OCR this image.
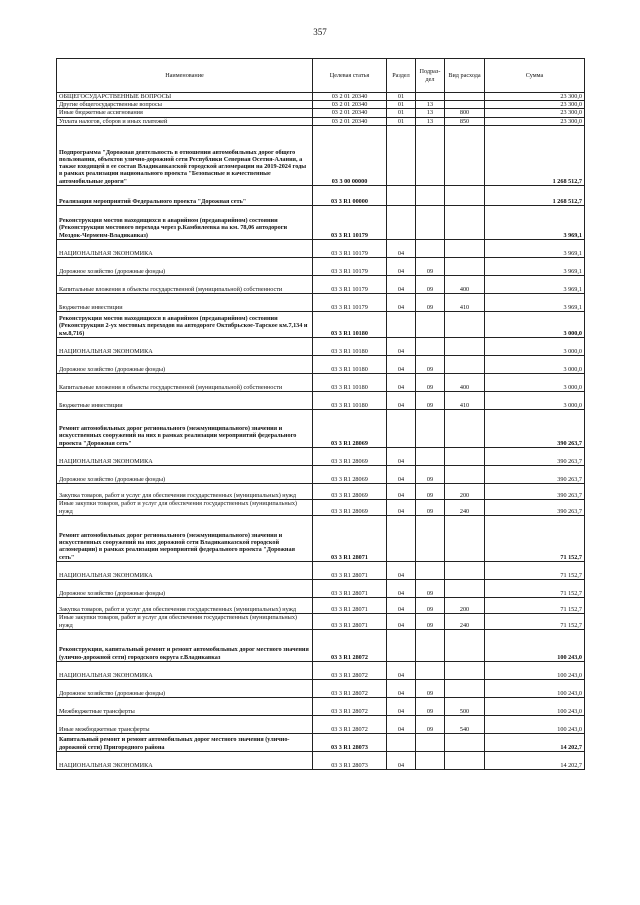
357
Наименование	Целевая статья	Раздел	Подраз-дел	Вид расхода	Сумма
ОБЩЕГОСУДАРСТВЕННЫЕ ВОПРОСЫ	03 2 01 20340	01			23 300,0
Другие общегосударственные вопросы	03 2 01 20340	01	13		23 300,0
Иные бюджетные ассигнования	03 2 01 20340	01	13	800	23 300,0
Уплата налогов, сборов и иных платежей	03 2 01 20340	01	13	850	23 300,0
Подпрограмма "Дорожная деятельность в отношении автомобильных дорог общего пользования, объектов улично-дорожной сети Республики Северная Осетия-Алания, а также входящей в ее состав Владикавказской городской агломерации на 2019-2024 годы в рамках реализации национального проекта "Безопасные и качественные автомобильные дороги"	03 3 00 00000				1 268 512,7
Реализация мероприятий Федерального проекта "Дорожная сеть"	03 3 R1 00000				1 268 512,7
Реконструкция мостов находящихся в аварийном (предаварийном) состоянии (Реконструкция мостового перехода через р.Камбилеевка на км. 78,06 автодороги Моздок-Черменм-Владикавказ)	03 3 R1 10179				3 969,1
НАЦИОНАЛЬНАЯ ЭКОНОМИКА	03 3 R1 10179	04			3 969,1
Дорожное хозяйство (дорожные фонды)	03 3 R1 10179	04	09		3 969,1
Капитальные вложения в объекты государственной (муниципальной) собственности	03 3 R1 10179	04	09	400	3 969,1
Бюджетные инвестиции	03 3 R1 10179	04	09	410	3 969,1
Реконструкция мостов находящихся в аварийном (предаварийном) состоянии (Реконструкция 2-ух мостовых переходов на автодороге Октябрьское-Тарское км.7,134 и км.8,716)	03 3 R1 10180				3 000,0
НАЦИОНАЛЬНАЯ ЭКОНОМИКА	03 3 R1 10180	04			3 000,0
Дорожное хозяйство (дорожные фонды)	03 3 R1 10180	04	09		3 000,0
Капитальные вложения в объекты государственной (муниципальной) собственности	03 3 R1 10180	04	09	400	3 000,0
Бюджетные инвестиции	03 3 R1 10180	04	09	410	3 000,0
Ремонт автомобильных дорог регионального (межмуниципального) значения и искусственных сооружений на них в рамках реализации мероприятий федерального проекта "Дорожная сеть"	03 3 R1 28069				390 263,7
НАЦИОНАЛЬНАЯ ЭКОНОМИКА	03 3 R1 28069	04			390 263,7
Дорожное хозяйство (дорожные фонды)	03 3 R1 28069	04	09		390 263,7
Закупка товаров, работ и услуг для обеспечения государственных (муниципальных) нужд	03 3 R1 28069	04	09	200	390 263,7
Иные закупки товаров, работ и услуг для обеспечения государственных (муниципальных) нужд	03 3 R1 28069	04	09	240	390 263,7
Ремонт автомобильных дорог регионального (межмуниципального) значения и искусственных сооружений на них дорожной сети Владикавказской городской агломерации) в рамках реализации мероприятий федерального проекта "Дорожная сеть"	03 3 R1 28071				71 152,7
НАЦИОНАЛЬНАЯ ЭКОНОМИКА	03 3 R1 28071	04			71 152,7
Дорожное хозяйство (дорожные фонды)	03 3 R1 28071	04	09		71 152,7
Закупка товаров, работ и услуг для обеспечения государственных (муниципальных) нужд	03 3 R1 28071	04	09	200	71 152,7
Иные закупки товаров, работ и услуг для обеспечения государственных (муниципальных) нужд	03 3 R1 28071	04	09	240	71 152,7
Реконструкция, капитальный ремонт и ремонт автомобильных дорог местного значения (улично-дорожной сети) городского округа г.Владикавказ	03 3 R1 28072				100 243,0
НАЦИОНАЛЬНАЯ ЭКОНОМИКА	03 3 R1 28072	04			100 243,0
Дорожное хозяйство (дорожные фонды)	03 3 R1 28072	04	09		100 243,0
Межбюджетные трансферты	03 3 R1 28072	04	09	500	100 243,0
Иные межбюджетные трансферты	03 3 R1 28072	04	09	540	100 243,0
Капитальный ремонт и ремонт автомобильных дорог местного значения (улично-дорожной сети) Пригородного района	03 3 R1 28073				14 202,7
НАЦИОНАЛЬНАЯ ЭКОНОМИКА	03 3 R1 28073	04			14 202,7
